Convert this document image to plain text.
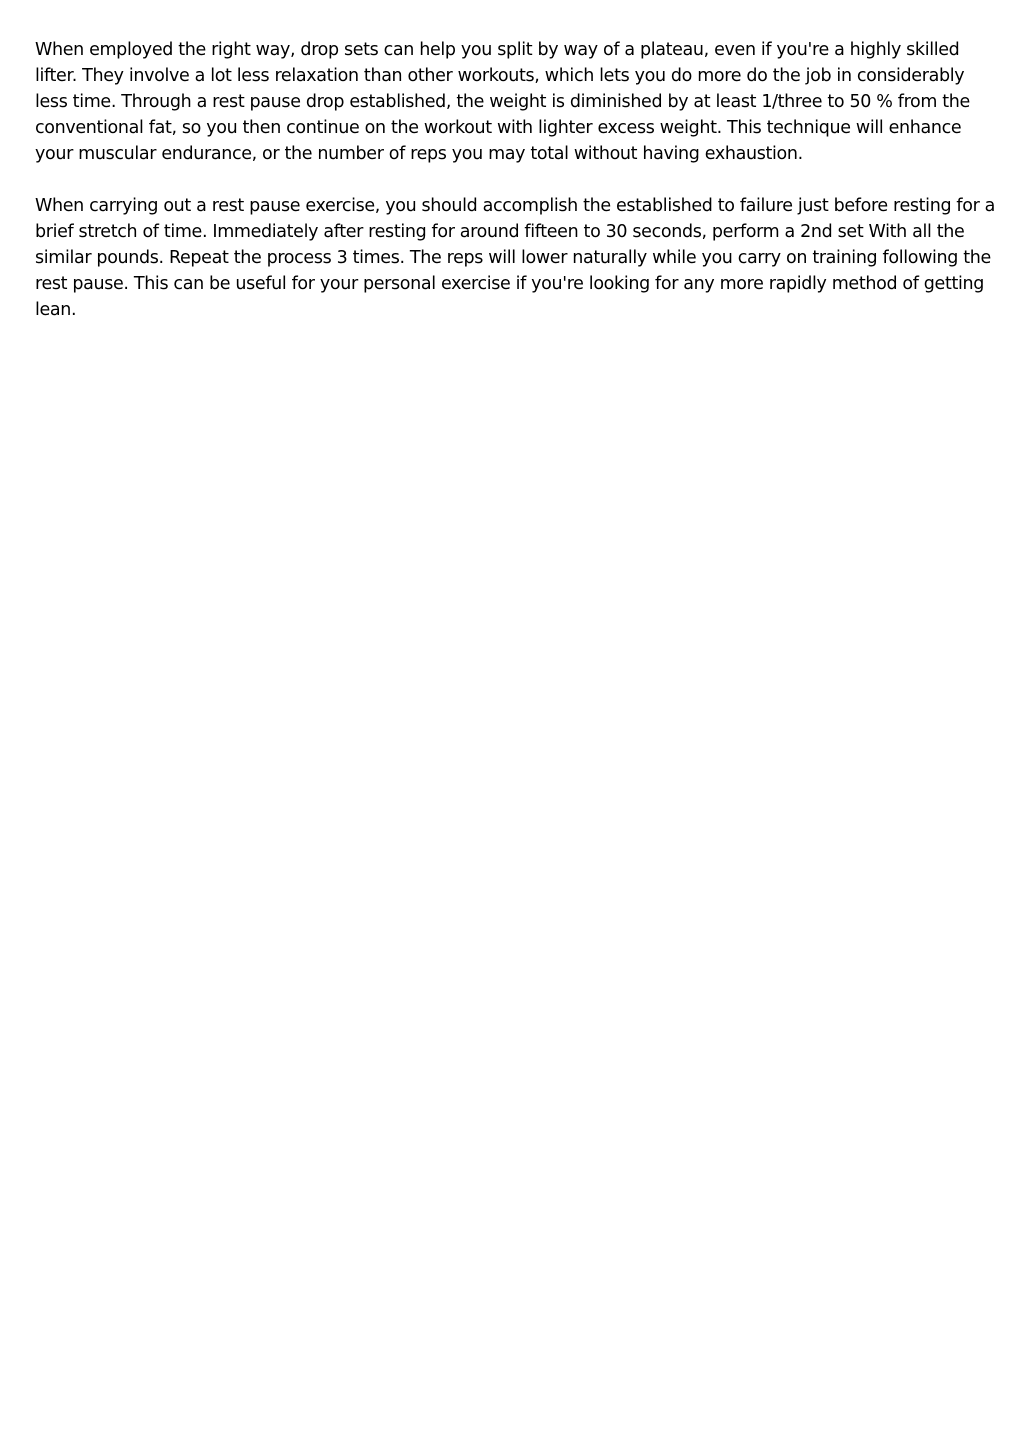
When employed the right way, drop sets can help you split by way of a plateau, even if you're a highly skilled lifter. They involve a lot less relaxation than other workouts, which lets you do more do the job in considerably less time. Through a rest pause drop established, the weight is diminished by at least 1/three to 50 % from the conventional fat, so you then continue on the workout with lighter excess weight. This technique will enhance your muscular endurance, or the number of reps you may total without having exhaustion.

When carrying out a rest pause exercise, you should accomplish the established to failure just before resting for a brief stretch of time. Immediately after resting for around fifteen to 30 seconds, perform a 2nd set With all the similar pounds. Repeat the process 3 times. The reps will lower naturally while you carry on training following the rest pause. This can be useful for your personal exercise if you're looking for any more rapidly method of getting lean.
